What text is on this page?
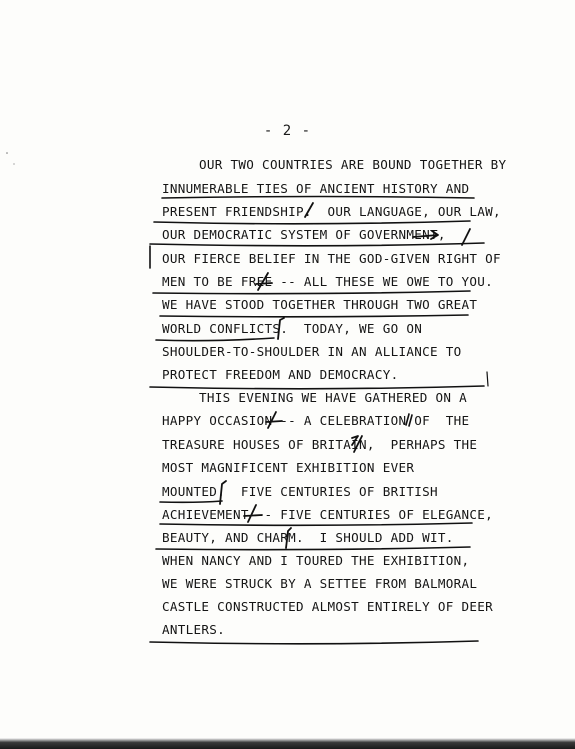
- 2 -
OUR TWO COUNTRIES ARE BOUND TOGETHER BY
INNUMERABLE TIES OF ANCIENT HISTORY AND
PRESENT FRIENDSHIP.  OUR LANGUAGE, OUR LAW,
OUR DEMOCRATIC SYSTEM OF GOVERNMENT,
OUR FIERCE BELIEF IN THE GOD-GIVEN RIGHT OF
MEN TO BE FREE -- ALL THESE WE OWE TO YOU.
WE HAVE STOOD TOGETHER THROUGH TWO GREAT
WORLD CONFLICTS.  TODAY, WE GO ON
SHOULDER-TO-SHOULDER IN AN ALLIANCE TO
PROTECT FREEDOM AND DEMOCRACY.
THIS EVENING WE HAVE GATHERED ON A
HAPPY OCCASION -- A CELEBRATION OF  THE
TREASURE HOUSES OF BRITAIN,  PERHAPS THE
MOST MAGNIFICENT EXHIBITION EVER
MOUNTED.  FIVE CENTURIES OF BRITISH
ACHIEVEMENT -- FIVE CENTURIES OF ELEGANCE,
BEAUTY, AND CHARM.  I SHOULD ADD WIT.
WHEN NANCY AND I TOURED THE EXHIBITION,
WE WERE STRUCK BY A SETTEE FROM BALMORAL
CASTLE CONSTRUCTED ALMOST ENTIRELY OF DEER
ANTLERS.
